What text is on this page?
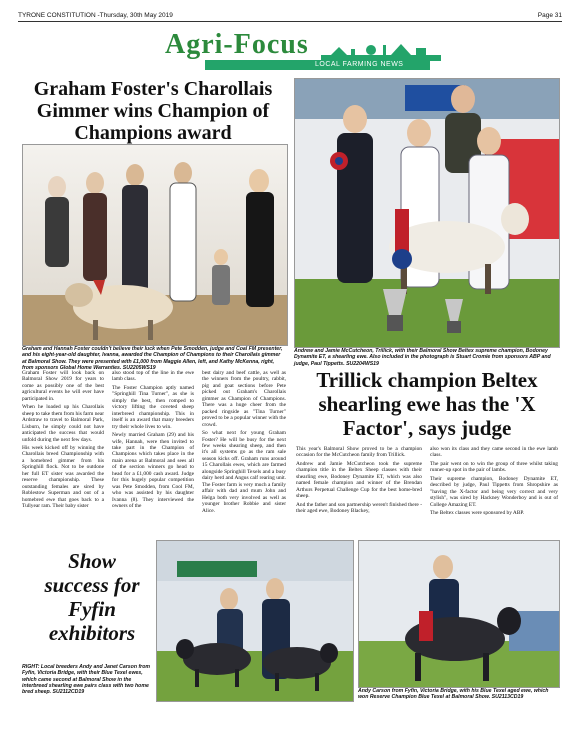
TYRONE CONSTITUTION -Thursday, 30th May 2019	Page 31
Agri-Focus
LOCAL FARMING NEWS
Graham Foster's Charollais Gimmer wins Champion of Champions award
Graham and Hannah Foster couldn't believe their luck when Pete Smodden, judge and Coal FM presenter, and his eight-year-old daughter, Ivanna, awarded the Champion of Champions to their Charollais gimmer at Balmoral Show. They were presented with £1,000 from Maggie Allen, left, and Kathy McKenna, right, from sponsors Global Home Warranties. SU2205WS19

Graham Foster will look back on Balmoral Show 2019 for years to come as possibly one of the best agricultural events he will ever have participated in.

When he loaded up his Charollais sheep to take them from his farm near Ardstraw to travel to Balmoral Park, Lisburn, he simply could not have anticipated the success that would unfold during the next few days.

His week kicked off by winning the Charollais breed Championship with a homebred gimmer from his Springhill flock. Not to be outdone her full ET sister was awarded the reserve championship. These outstanding females are sired by Roblestow Superman and out of a homebred ewe that goes back to a Tullyear ram. Their baby sister

also stood top of the line in the ewe lamb class.

The Foster Champion aptly named "Springhill Tina Turner", as she is simply the best, then romped to victory lifting the coveted sheep interbreed championship. This in itself is an award that many breeders try their whole lives to win.

Newly married Graham (29) and his wife, Hannah, were then invited to take part in the Champion of Champions which takes place in the main arena at Balmoral and sees all of the section winners go head to head for a £1,000 cash award. Judge for this hugely popular competition was Pete Smodden, from Cool FM, who was assisted by his daughter Ivanna (8). They interviewed the owners of the

best dairy and beef cattle, as well as the winners from the poultry, rabbit, pig and goat sections before Pete picked out Graham's Charollais gimmer as Champion of Champions. There was a huge cheer from the packed ringside as "Tina Turner" proved to be a popular winner with the crowd.

So what next for young Graham Foster? He will be busy for the next few weeks shearing sheep, and then it's all systems go as the ram sale season kicks off. Graham runs around 15 Charollais ewes, which are farmed alongside Springhill Texels and a busy dairy herd and Angus calf rearing unit. The Foster farm is very much a family affair with dad and mum John and Helga both very involved as well as younger brother Robbie and sister Alice.

Andrew and Jamie McCutcheon, Trillick, with their Balmoral Show Beltex supreme champion, Bodoney Dynamite ET, a shearling ewe. Also included in the photograph is Stuart Cromie from sponsors ABP and judge, Paul Tippetts. SU2204WS19
Trillick champion Beltex shearling ewe has the 'X Factor', says judge

This year's Balmoral Show proved to be a champion occasion for the McCutcheon family from Trillick.

Andrew and Jamie McCutcheon took the supreme champion title in the Beltex Sheep classes with their shearling ewe, Bodoney Dynamite ET, which was also named female champion and winner of the Brendan Arthurs Perpetual Challenge Cup for the best home-bred sheep.

And the father and son partnership weren't finished there - their aged ewe, Bodoney Blackey,

also won its class and they came second in the ewe lamb class.

The pair went on to win the group of three whilst taking runner-up spot in the pair of lambs.

Their supreme champion, Bodoney Dynamite ET, described by judge, Paul Tippetts from Shropshire as "having the X-factor and being very correct and very stylish", was sired by Hackney Wonderboy and is out of College Amazing ET.

The Beltex classes were sponsored by ABP.

Show success for Fyfin exhibitors
RIGHT: Local breeders Andy and Janet Carson from Fyfin, Victoria Bridge, with their Blue Texel ewes, which came second at Balmoral Show in the interbreed shearling ewe pairs class with two home bred sheep. SU2112CD19	Andy Carson from Fyfin, Victoria Bridge, with his Blue Texel aged ewe, which won Reserve Champion Blue Texel at Balmoral Show. SU2113CD19
